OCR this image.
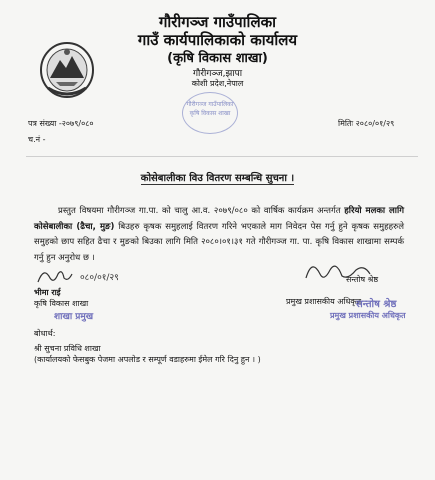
गौरीगञ्ज गाउँपालिका
गाउँ कार्यपालिकाको कार्यालय
(कृषि विकास शाखा)
गौरीगञ्ज,झापा
कोशी प्रदेश,नेपाल
गौरीगञ्ज गाउँपालिका कृषि विकास शाखा
पत्र संख्या -२०७९/०८०
च.नं -
मितिः २०८०/०१/२९
कोसेबालीका विउ वितरण सम्बन्धि सुचना ।
प्रस्तुत विषयमा गौरीगञ्ज गा.पा. को चालु आ.व. २०७९/०८० को वार्षिक कार्यक्रम अन्तर्गत हरियो मलका लागि कोसेबालीका (ढैचा, मुङ) बिउहरु कृषक समुहलाई वितरण गरिने भएकाले माग निवेदन पेस गर्नु हुने कृषक समुहहरुले समुहको छाप सहित ढैचा र मुङको बिउका लागि मिति २०८०।०१।३१ गते गौरीगञ्ज गा. पा. कृषि विकास शाखामा सम्पर्क गर्नु हुन अनुरोध छ ।
०८०/०१/२९
भीमा राई
कृषि विकास शाखा
शाखा प्रमुख
सन्तोष श्रेष्ठ
प्रमुख प्रशासकीय अधिकृत
सन्तोष श्रेष्ठ
प्रमुख प्रशासकीय अधिकृत
बोधार्थ:
श्री सुचना प्रविधि शाखा
(कार्यालयको फेसबुक पेजमा अपलोड र सम्पूर्ण वडाहरुमा ईमेल गरि दिनु हुन । )
